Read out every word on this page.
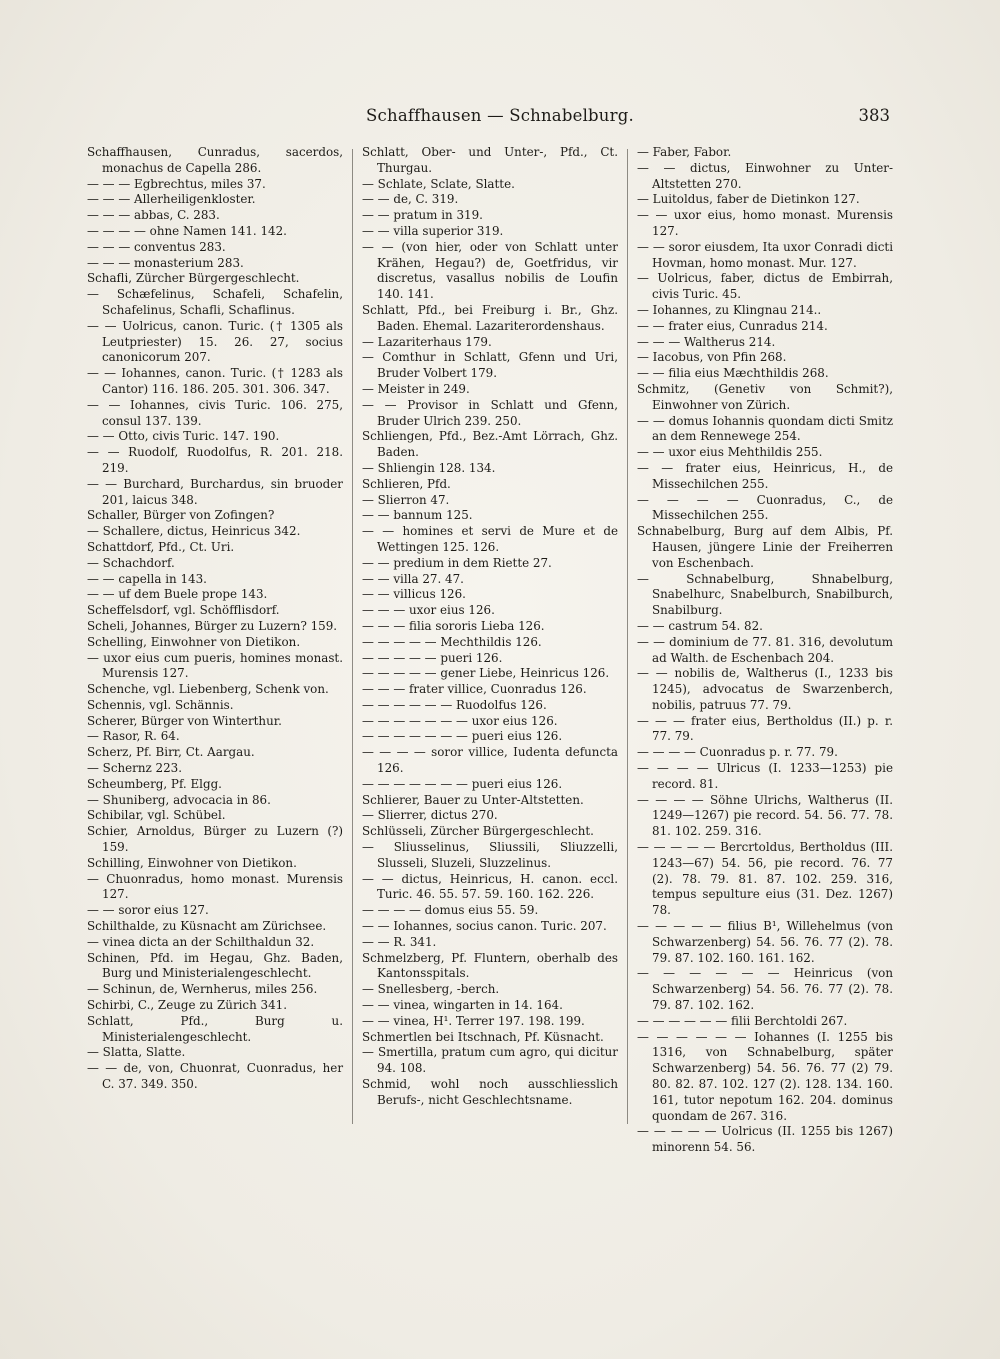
Schaffhausen — Schnabelburg.	383

Schaffhausen, Cunradus, sacerdos, monachus de Capella 286.

— — — Egbrechtus, miles 37.

— — — Allerheiligenkloster.

— — — abbas, C. 283.

— — — — ohne Namen 141. 142.

— — — conventus 283.

— — — monasterium 283.

Schafli, Zürcher Bürgergeschlecht.

— Schæfelinus, Schafeli, Schafelin, Schafelinus, Schafli, Schaflinus.

— — Uolricus, canon. Turic. († 1305 als Leutpriester) 15. 26. 27, socius canonicorum 207.

— — Iohannes, canon. Turic. († 1283 als Cantor) 116. 186. 205. 301. 306. 347.

— — Iohannes, civis Turic. 106. 275, consul 137. 139.

— — Otto, civis Turic. 147. 190.

— — Ruodolf, Ruodolfus, R. 201. 218. 219.

— — Burchard, Burchardus, sin bruoder 201, laicus 348.

Schaller, Bürger von Zofingen?

— Schallere, dictus, Heinricus 342.

Schattdorf, Pfd., Ct. Uri.

— Schachdorf.

— — capella in 143.

— — uf dem Buele prope 143.

Scheffelsdorf, vgl. Schöfflisdorf.

Scheli, Johannes, Bürger zu Luzern? 159.

Schelling, Einwohner von Dietikon.

— uxor eius cum pueris, homines monast. Murensis 127.

Schenche, vgl. Liebenberg, Schenk von.

Schennis, vgl. Schännis.

Scherer, Bürger von Winterthur.

— Rasor, R. 64.

Scherz, Pf. Birr, Ct. Aargau.

— Schernz 223.

Scheumberg, Pf. Elgg.

— Shuniberg, advocacia in 86.

Schibilar, vgl. Schübel.

Schier, Arnoldus, Bürger zu Luzern (?) 159.

Schilling, Einwohner von Dietikon.

— Chuonradus, homo monast. Murensis 127.

— — soror eius 127.

Schilthalde, zu Küsnacht am Zürichsee.

— vinea dicta an der Schilthaldun 32.

Schinen, Pfd. im Hegau, Ghz. Baden, Burg und Ministerialengeschlecht.

— Schinun, de, Wernherus, miles 256.

Schirbi, C., Zeuge zu Zürich 341.

Schlatt, Pfd., Burg u. Ministerialengeschlecht.

— Slatta, Slatte.

— — de, von, Chuonrat, Cuonradus, her C. 37. 349. 350.

Schlatt, Ober- und Unter-, Pfd., Ct. Thurgau.

— Schlate, Sclate, Slatte.

— — de, C. 319.

— — pratum in 319.

— — villa superior 319.

— — (von hier, oder von Schlatt unter Krähen, Hegau?) de, Goetfridus, vir discretus, vasallus nobilis de Loufin 140. 141.

Schlatt, Pfd., bei Freiburg i. Br., Ghz. Baden. Ehemal. Lazariterordenshaus.

— Lazariterhaus 179.

— Comthur in Schlatt, Gfenn und Uri, Bruder Volbert 179.

— Meister in 249.

— — Provisor in Schlatt und Gfenn, Bruder Ulrich 239. 250.

Schliengen, Pfd., Bez.-Amt Lörrach, Ghz. Baden.

— Shliengin 128. 134.

Schlieren, Pfd.

— Slierron 47.

— — bannum 125.

— — homines et servi de Mure et de Wettingen 125. 126.

— — predium in dem Riette 27.

— — villa 27. 47.

— — villicus 126.

— — — uxor eius 126.

— — — filia sororis Lieba 126.

— — — — — Mechthildis 126.

— — — — — pueri 126.

— — — — — gener Liebe, Heinricus 126.

— — — frater villice, Cuonradus 126.

— — — — — — Ruodolfus 126.

— — — — — — — uxor eius 126.

— — — — — — — pueri eius 126.

— — — — soror villice, Iudenta defuncta 126.

— — — — — — — pueri eius 126.

Schlierer, Bauer zu Unter-Altstetten.

— Slierrer, dictus 270.

Schlüsseli, Zürcher Bürgergeschlecht.

— Sliusselinus, Sliussili, Sliuzzelli, Slusseli, Sluzeli, Sluzzelinus.

— — dictus, Heinricus, H. canon. eccl. Turic. 46. 55. 57. 59. 160. 162. 226.

— — — — domus eius 55. 59.

— — Iohannes, socius canon. Turic. 207.

— — R. 341.

Schmelzberg, Pf. Fluntern, oberhalb des Kantonsspitals.

— Snellesberg, -berch.

— — vinea, wingarten in 14. 164.

— — vinea, H¹. Terrer 197. 198. 199.

Schmertlen bei Itschnach, Pf. Küsnacht.

— Smertilla, pratum cum agro, qui dicitur 94. 108.

Schmid, wohl noch ausschliesslich Berufs-, nicht Geschlechtsname.

— Faber, Fabor.

— — dictus, Einwohner zu Unter-Altstetten 270.

— Luitoldus, faber de Dietinkon 127.

— — uxor eius, homo monast. Murensis 127.

— — soror eiusdem, Ita uxor Conradi dicti Hovman, homo monast. Mur. 127.

— Uolricus, faber, dictus de Embirrah, civis Turic. 45.

— Iohannes, zu Klingnau 214..

— — frater eius, Cunradus 214.

— — — Waltherus 214.

— Iacobus, von Pfin 268.

— — filia eius Mæchthildis 268.

Schmitz, (Genetiv von Schmit?), Einwohner von Zürich.

— — domus Iohannis quondam dicti Smitz an dem Rennewege 254.

— — uxor eius Mehthildis 255.

— — frater eius, Heinricus, H., de Missechilchen 255.

— — — — Cuonradus, C., de Missechilchen 255.

Schnabelburg, Burg auf dem Albis, Pf. Hausen, jüngere Linie der Freiherren von Eschenbach.

— Schnabelburg, Shnabelburg, Snabelhurc, Snabelburch, Snabilburch, Snabilburg.

— — castrum 54. 82.

— — dominium de 77. 81. 316, devolutum ad Walth. de Eschenbach 204.

— — nobilis de, Waltherus (I., 1233 bis 1245), advocatus de Swarzenberch, nobilis, patruus 77. 79.

— — — frater eius, Bertholdus (II.) p. r. 77. 79.

— — — — Cuonradus p. r. 77. 79.

— — — — Ulricus (I. 1233—1253) pie record. 81.

— — — — Söhne Ulrichs, Waltherus (II. 1249—1267) pie record. 54. 56. 77. 78. 81. 102. 259. 316.

— — — — — Bercrtoldus, Bertholdus (III. 1243—67) 54. 56, pie record. 76. 77 (2). 78. 79. 81. 87. 102. 259. 316, tempus sepulture eius (31. Dez. 1267) 78.

— — — — — filius B¹, Willehelmus (von Schwarzenberg) 54. 56. 76. 77 (2). 78. 79. 87. 102. 160. 161. 162.

— — — — — — Heinricus (von Schwarzenberg) 54. 56. 76. 77 (2). 78. 79. 87. 102. 162.

— — — — — — filii Berchtoldi 267.

— — — — — — Iohannes (I. 1255 bis 1316, von Schnabelburg, später Schwarzenberg) 54. 56. 76. 77 (2) 79. 80. 82. 87. 102. 127 (2). 128. 134. 160. 161, tutor nepotum 162. 204. dominus quondam de 267. 316.

— — — — — Uolricus (II. 1255 bis 1267) minorenn 54. 56.
